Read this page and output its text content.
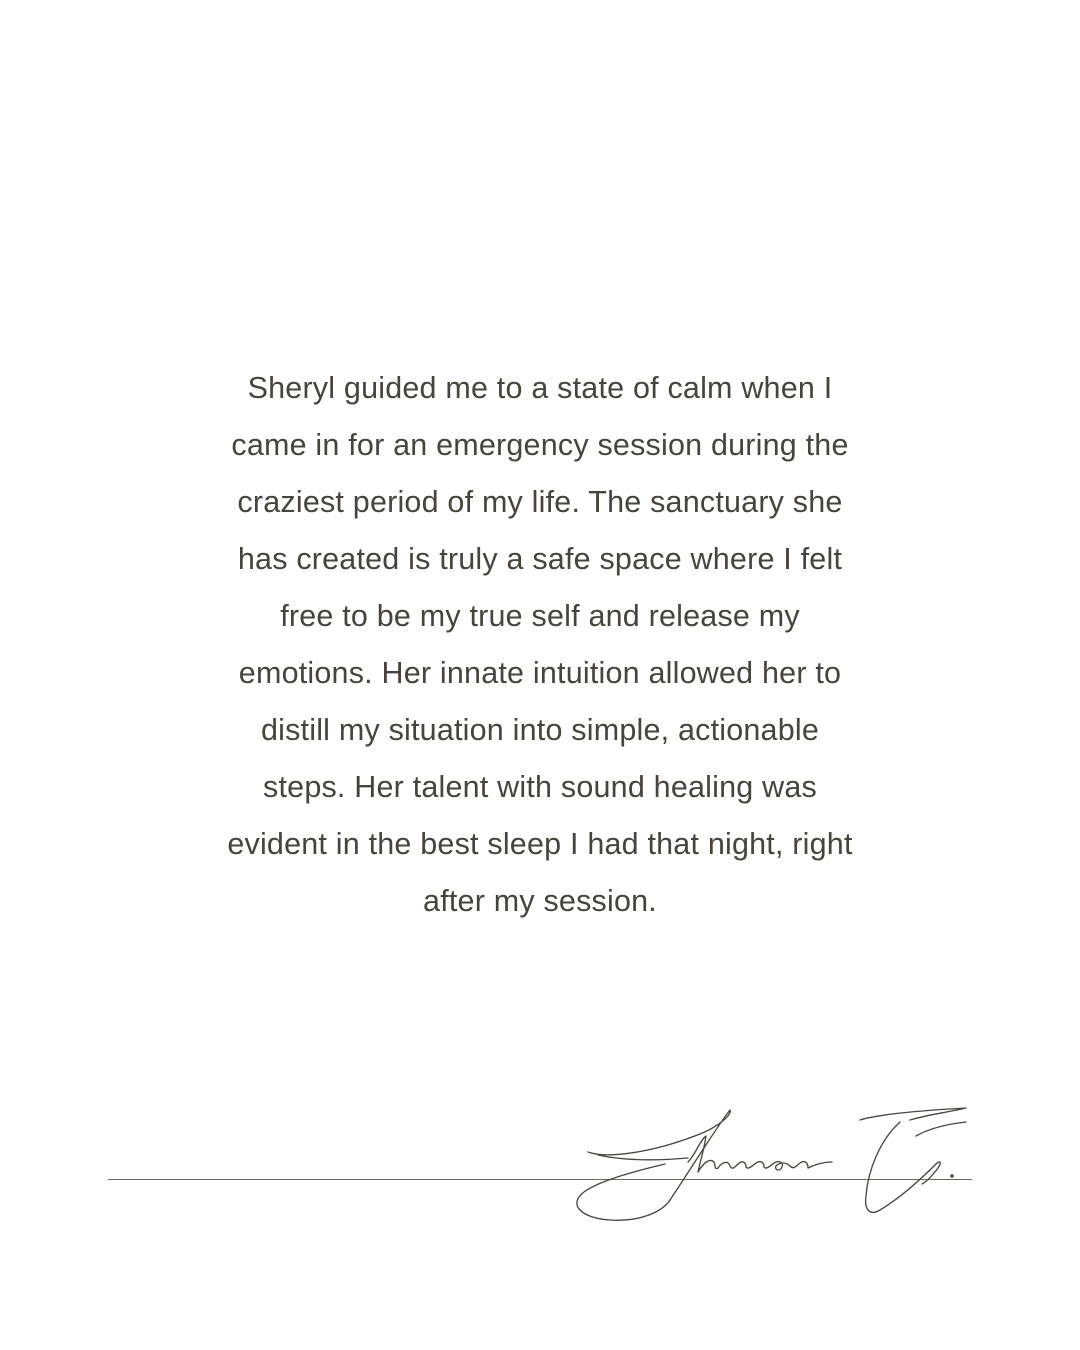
Sheryl guided me to a state of calm when I
came in for an emergency session during the
craziest period of my life. The sanctuary she
has created is truly a safe space where I felt
free to be my true self and release my
emotions. Her innate intuition allowed her to
distill my situation into simple, actionable
steps. Her talent with sound healing was
evident in the best sleep I had that night, right
after my session.
